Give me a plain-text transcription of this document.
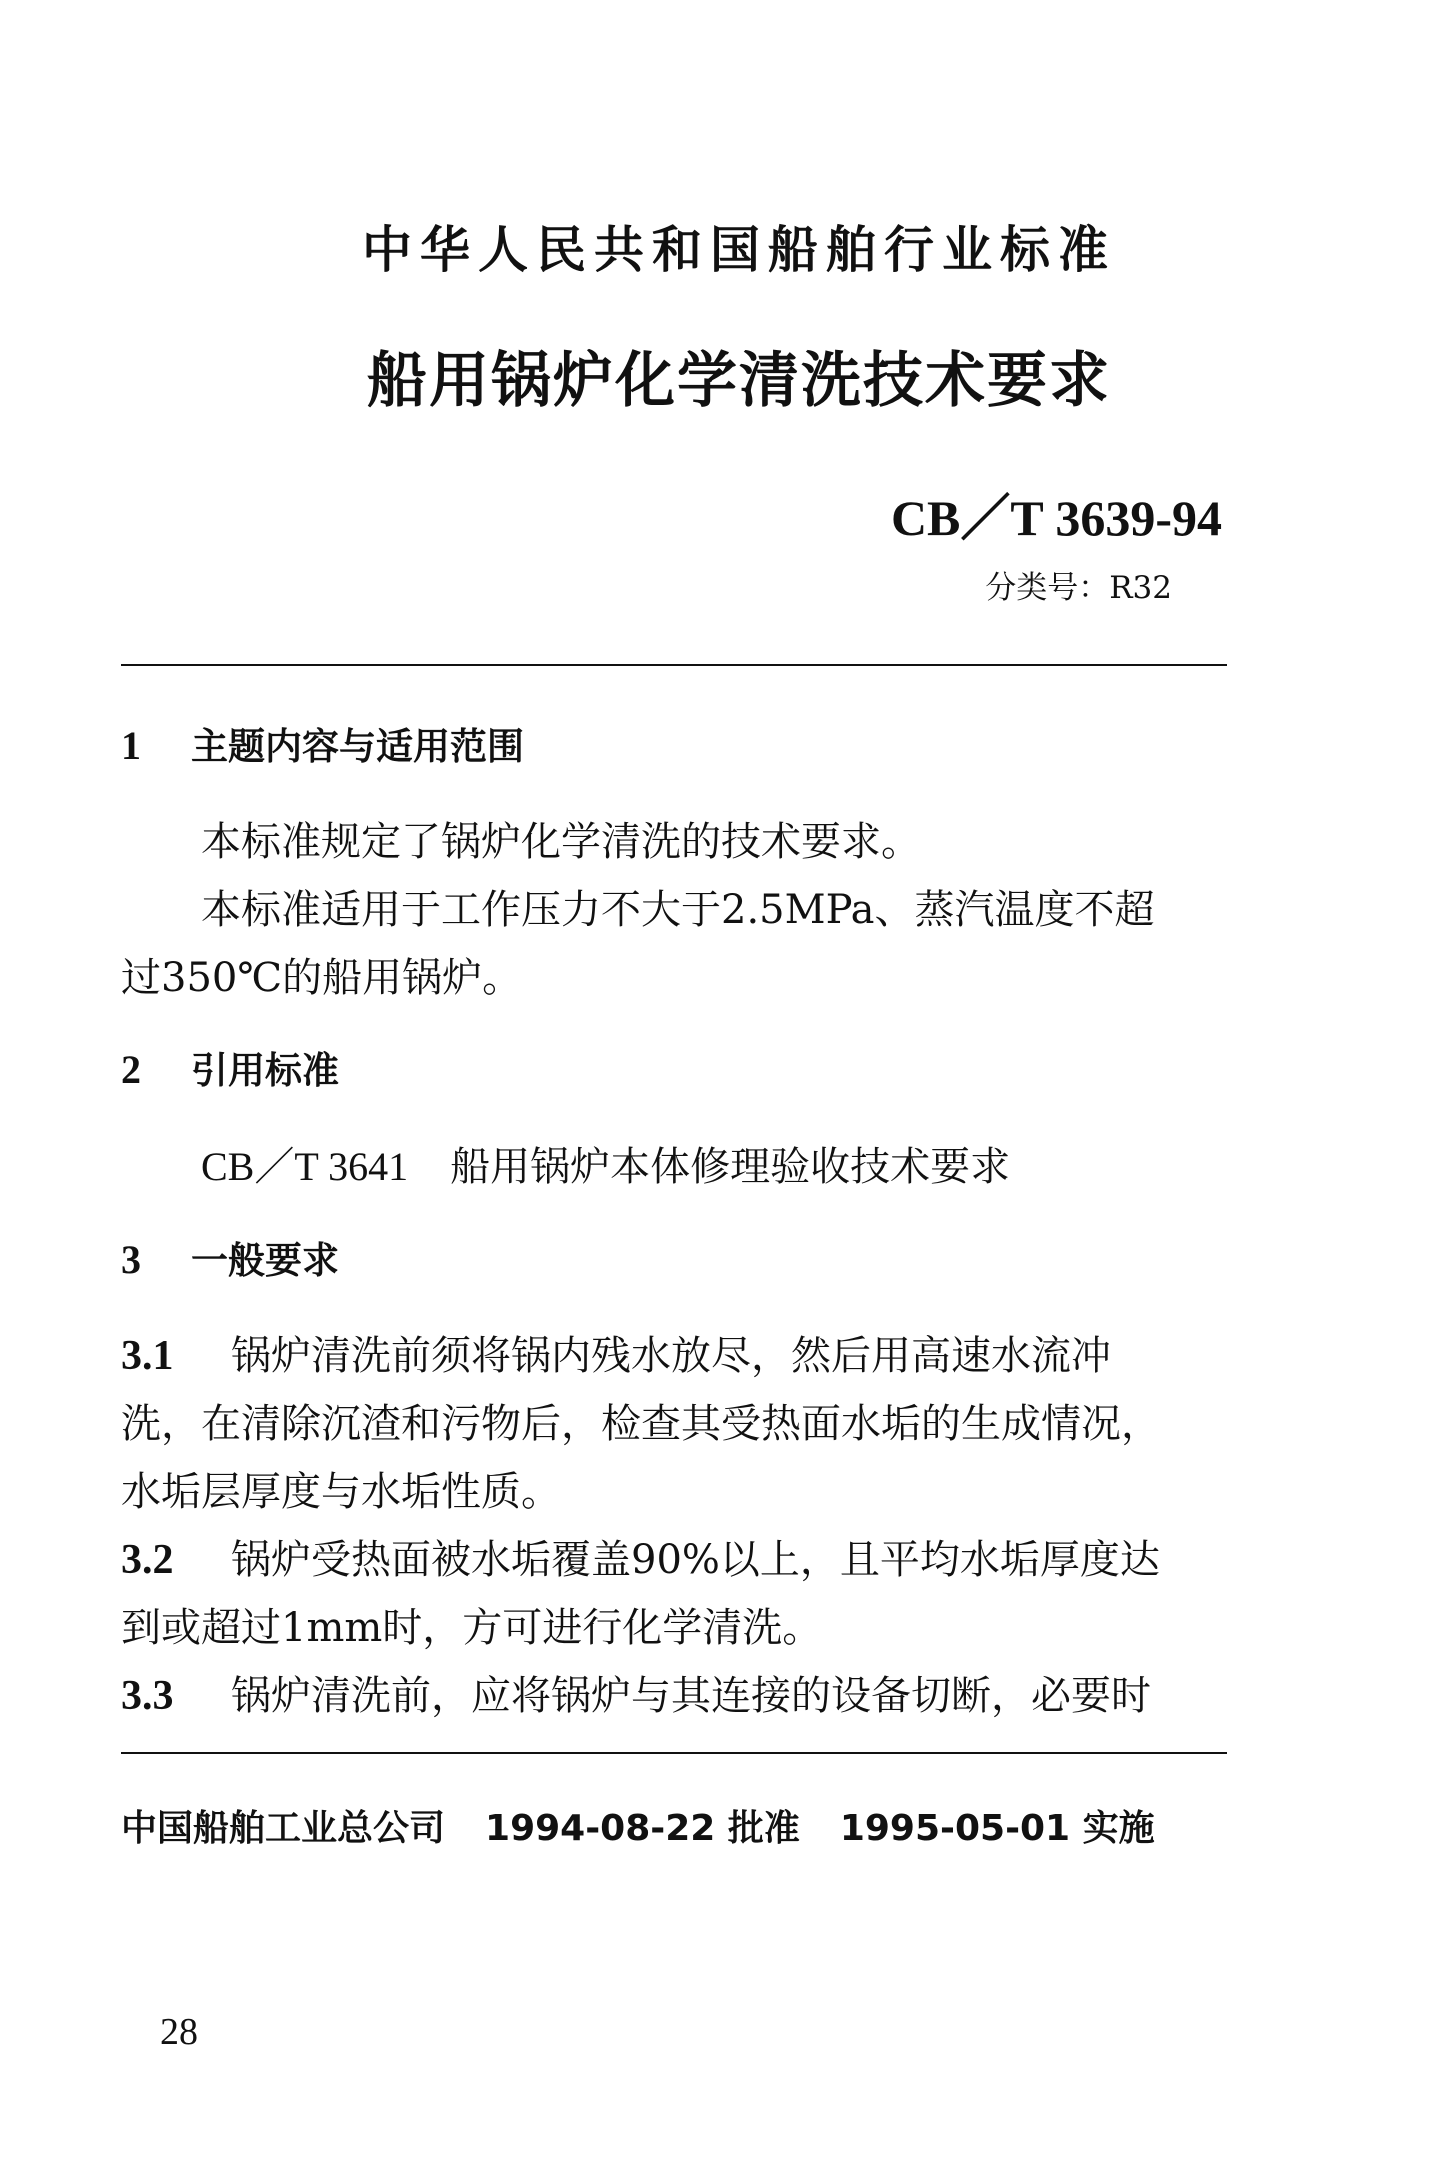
中华人民共和国船舶行业标准
船用锅炉化学清洗技术要求
CB／T 3639-94
分类号：R32
1 主题内容与适用范围
本标准规定了锅炉化学清洗的技术要求。
本标准适用于工作压力不大于2.5MPa、蒸汽温度不超
过350℃的船用锅炉。
2 引用标准
CB／T 3641 船用锅炉本体修理验收技术要求
3 一般要求
3.1 锅炉清洗前须将锅内残水放尽，然后用高速水流冲
洗，在清除沉渣和污物后，检查其受热面水垢的生成情况，
水垢层厚度与水垢性质。
3.2 锅炉受热面被水垢覆盖90%以上，且平均水垢厚度达
到或超过1mm时，方可进行化学清洗。
3.3 锅炉清洗前，应将锅炉与其连接的设备切断，必要时
中国船舶工业总公司 1994-08-22 批准 1995-05-01 实施
28
